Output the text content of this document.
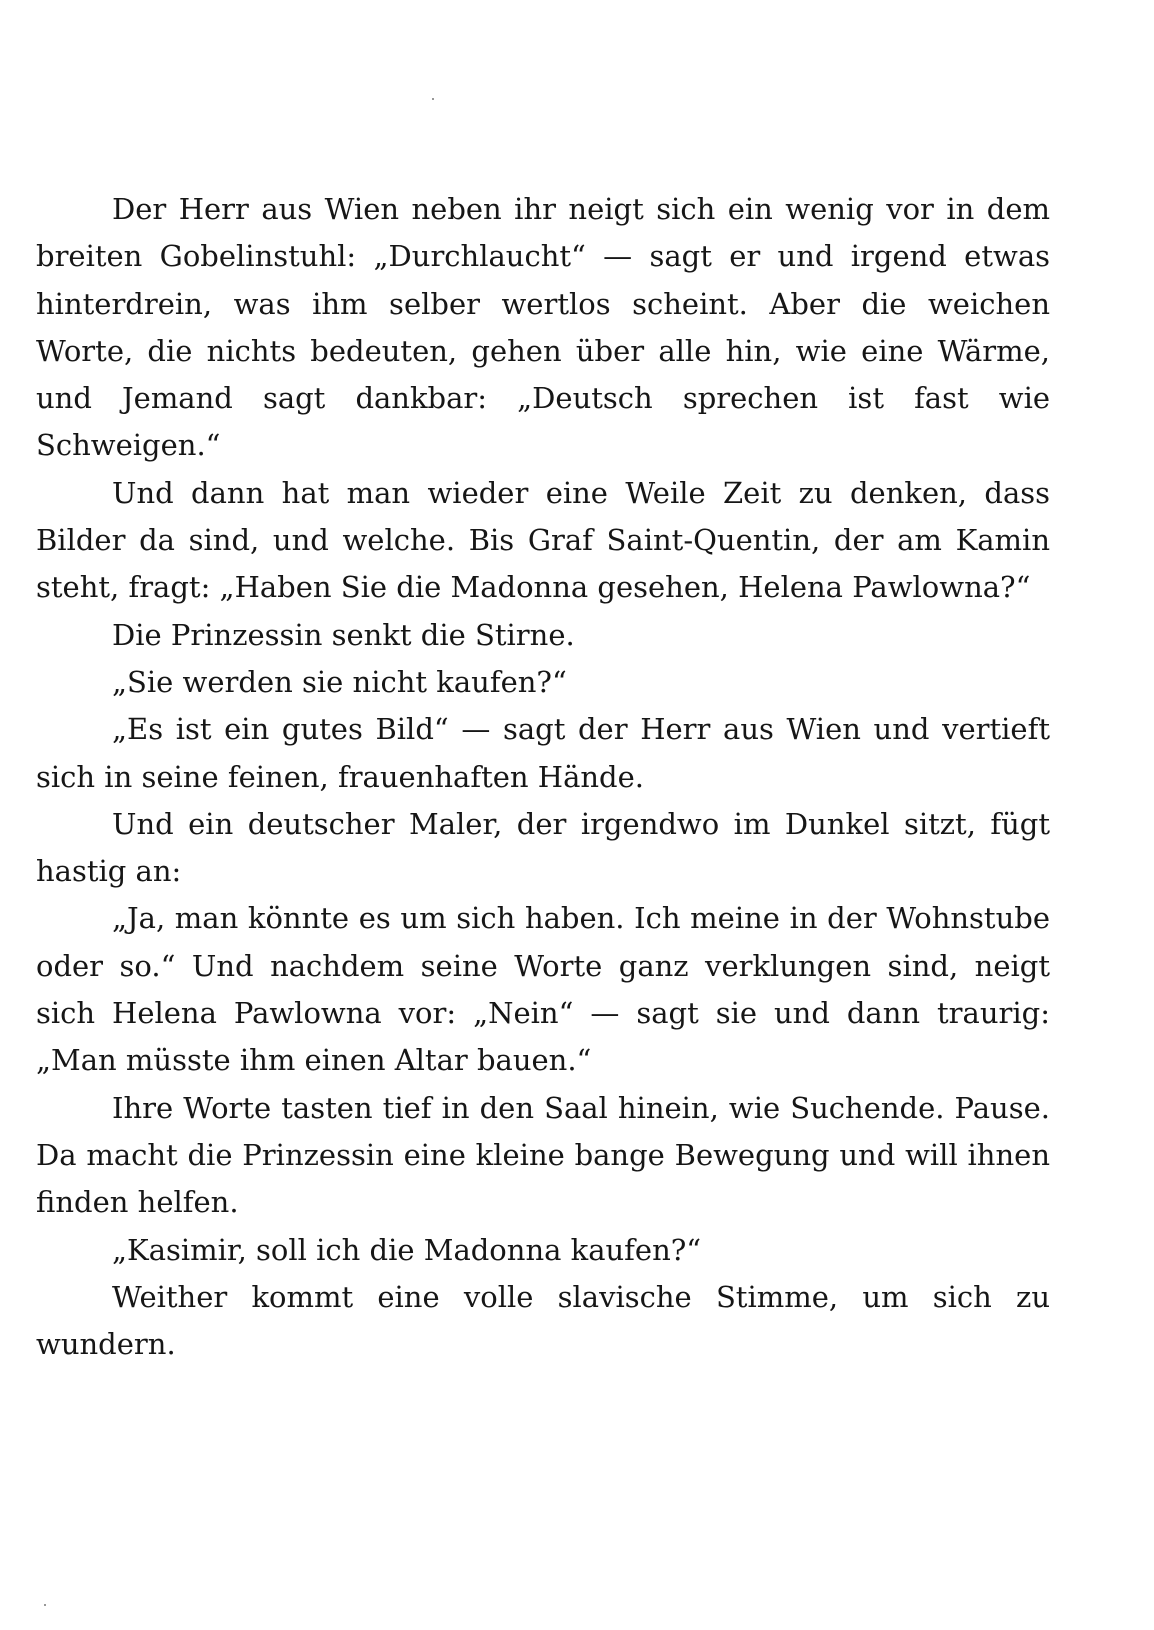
Der Herr aus Wien neben ihr neigt sich ein wenig vor in dem breiten Gobelinstuhl: „Durchlaucht“ — sagt er und irgend etwas hinterdrein, was ihm selber wertlos scheint. Aber die weichen Worte, die nichts bedeuten, gehen über alle hin, wie eine Wärme, und Jemand sagt dankbar: „Deutsch sprechen ist fast wie Schweigen.“

Und dann hat man wieder eine Weile Zeit zu denken, dass Bilder da sind, und welche. Bis Graf Saint-Quentin, der am Kamin steht, fragt: „Haben Sie die Madonna gesehen, Helena Pawlowna?“

Die Prinzessin senkt die Stirne.

„Sie werden sie nicht kaufen?“

„Es ist ein gutes Bild“ — sagt der Herr aus Wien und vertieft sich in seine feinen, frauenhaften Hände.

Und ein deutscher Maler, der irgendwo im Dunkel sitzt, fügt hastig an:

„Ja, man könnte es um sich haben. Ich meine in der Wohnstube oder so.“ Und nachdem seine Worte ganz verklungen sind, neigt sich Helena Pawlowna vor: „Nein“ — sagt sie und dann traurig: „Man müsste ihm einen Altar bauen.“

Ihre Worte tasten tief in den Saal hinein, wie Suchende. Pause. Da macht die Prinzessin eine kleine bange Bewegung und will ihnen finden helfen.

„Kasimir, soll ich die Madonna kaufen?“

Weither kommt eine volle slavische Stimme, um sich zu wundern.
